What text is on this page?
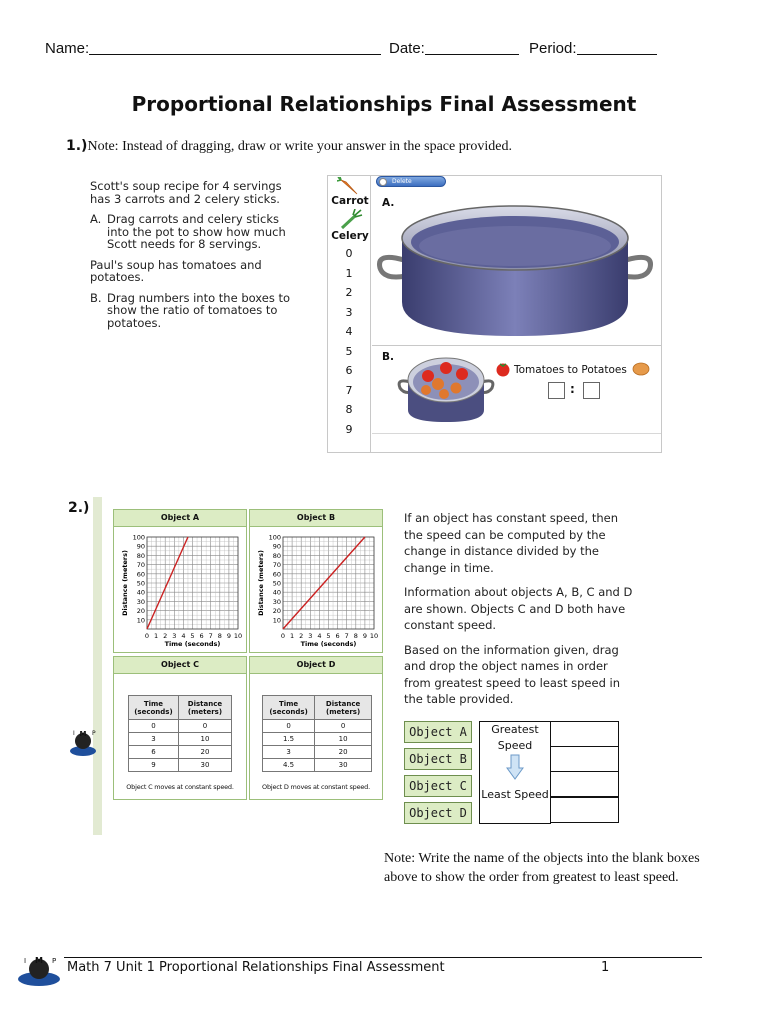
Name:	Date:	Period:
Proportional Relationships Final Assessment
1.)Note: Instead of dragging, draw or write your answer in the space provided.

Scott's soup recipe for 4 servings has 3 carrots and 2 celery sticks.

A. Drag carrots and celery sticks into the pot to show how much Scott needs for 8 servings.

Paul's soup has tomatoes and potatoes.

B. Drag numbers into the boxes to show the ratio of tomatoes to potatoes.

Carrot
Celery
0
1
2
3
4
5
6
7
8
9
Delete
A.
B.
Tomatoes to Potatoes
:
2.)
M
I	P
Object A
100
90
80
70
60
50
40
30
20
10
0 1 2 3 4 5 6 7 8 9 10
Time (seconds)
Distance (meters)
Object B
100
90
80
70
60
50
40
30
20
10
0 1 2 3 4 5 6 7 8 9 10
Time (seconds)
Distance (meters)
Object C
Time (seconds)	Distance (meters)
0	0
3	10
6	20
9	30
Object C moves at constant speed.
Object D
Time (seconds)	Distance (meters)
0	0
1.5	10
3	20
4.5	30
Object D moves at constant speed.

If an object has constant speed, then the speed can be computed by the change in distance divided by the change in time.

Information about objects A, B, C and D are shown. Objects C and D both have constant speed.

Based on the information given, drag and drop the object names in order from greatest speed to least speed in the table provided.

Object A
Object B
Object C
Object D
Greatest Speed
Least Speed
Note: Write the name of the objects into the blank boxes above to show the order from greatest to least speed.
M
I	P Math 7 Unit 1 Proportional Relationships Final Assessment	1
